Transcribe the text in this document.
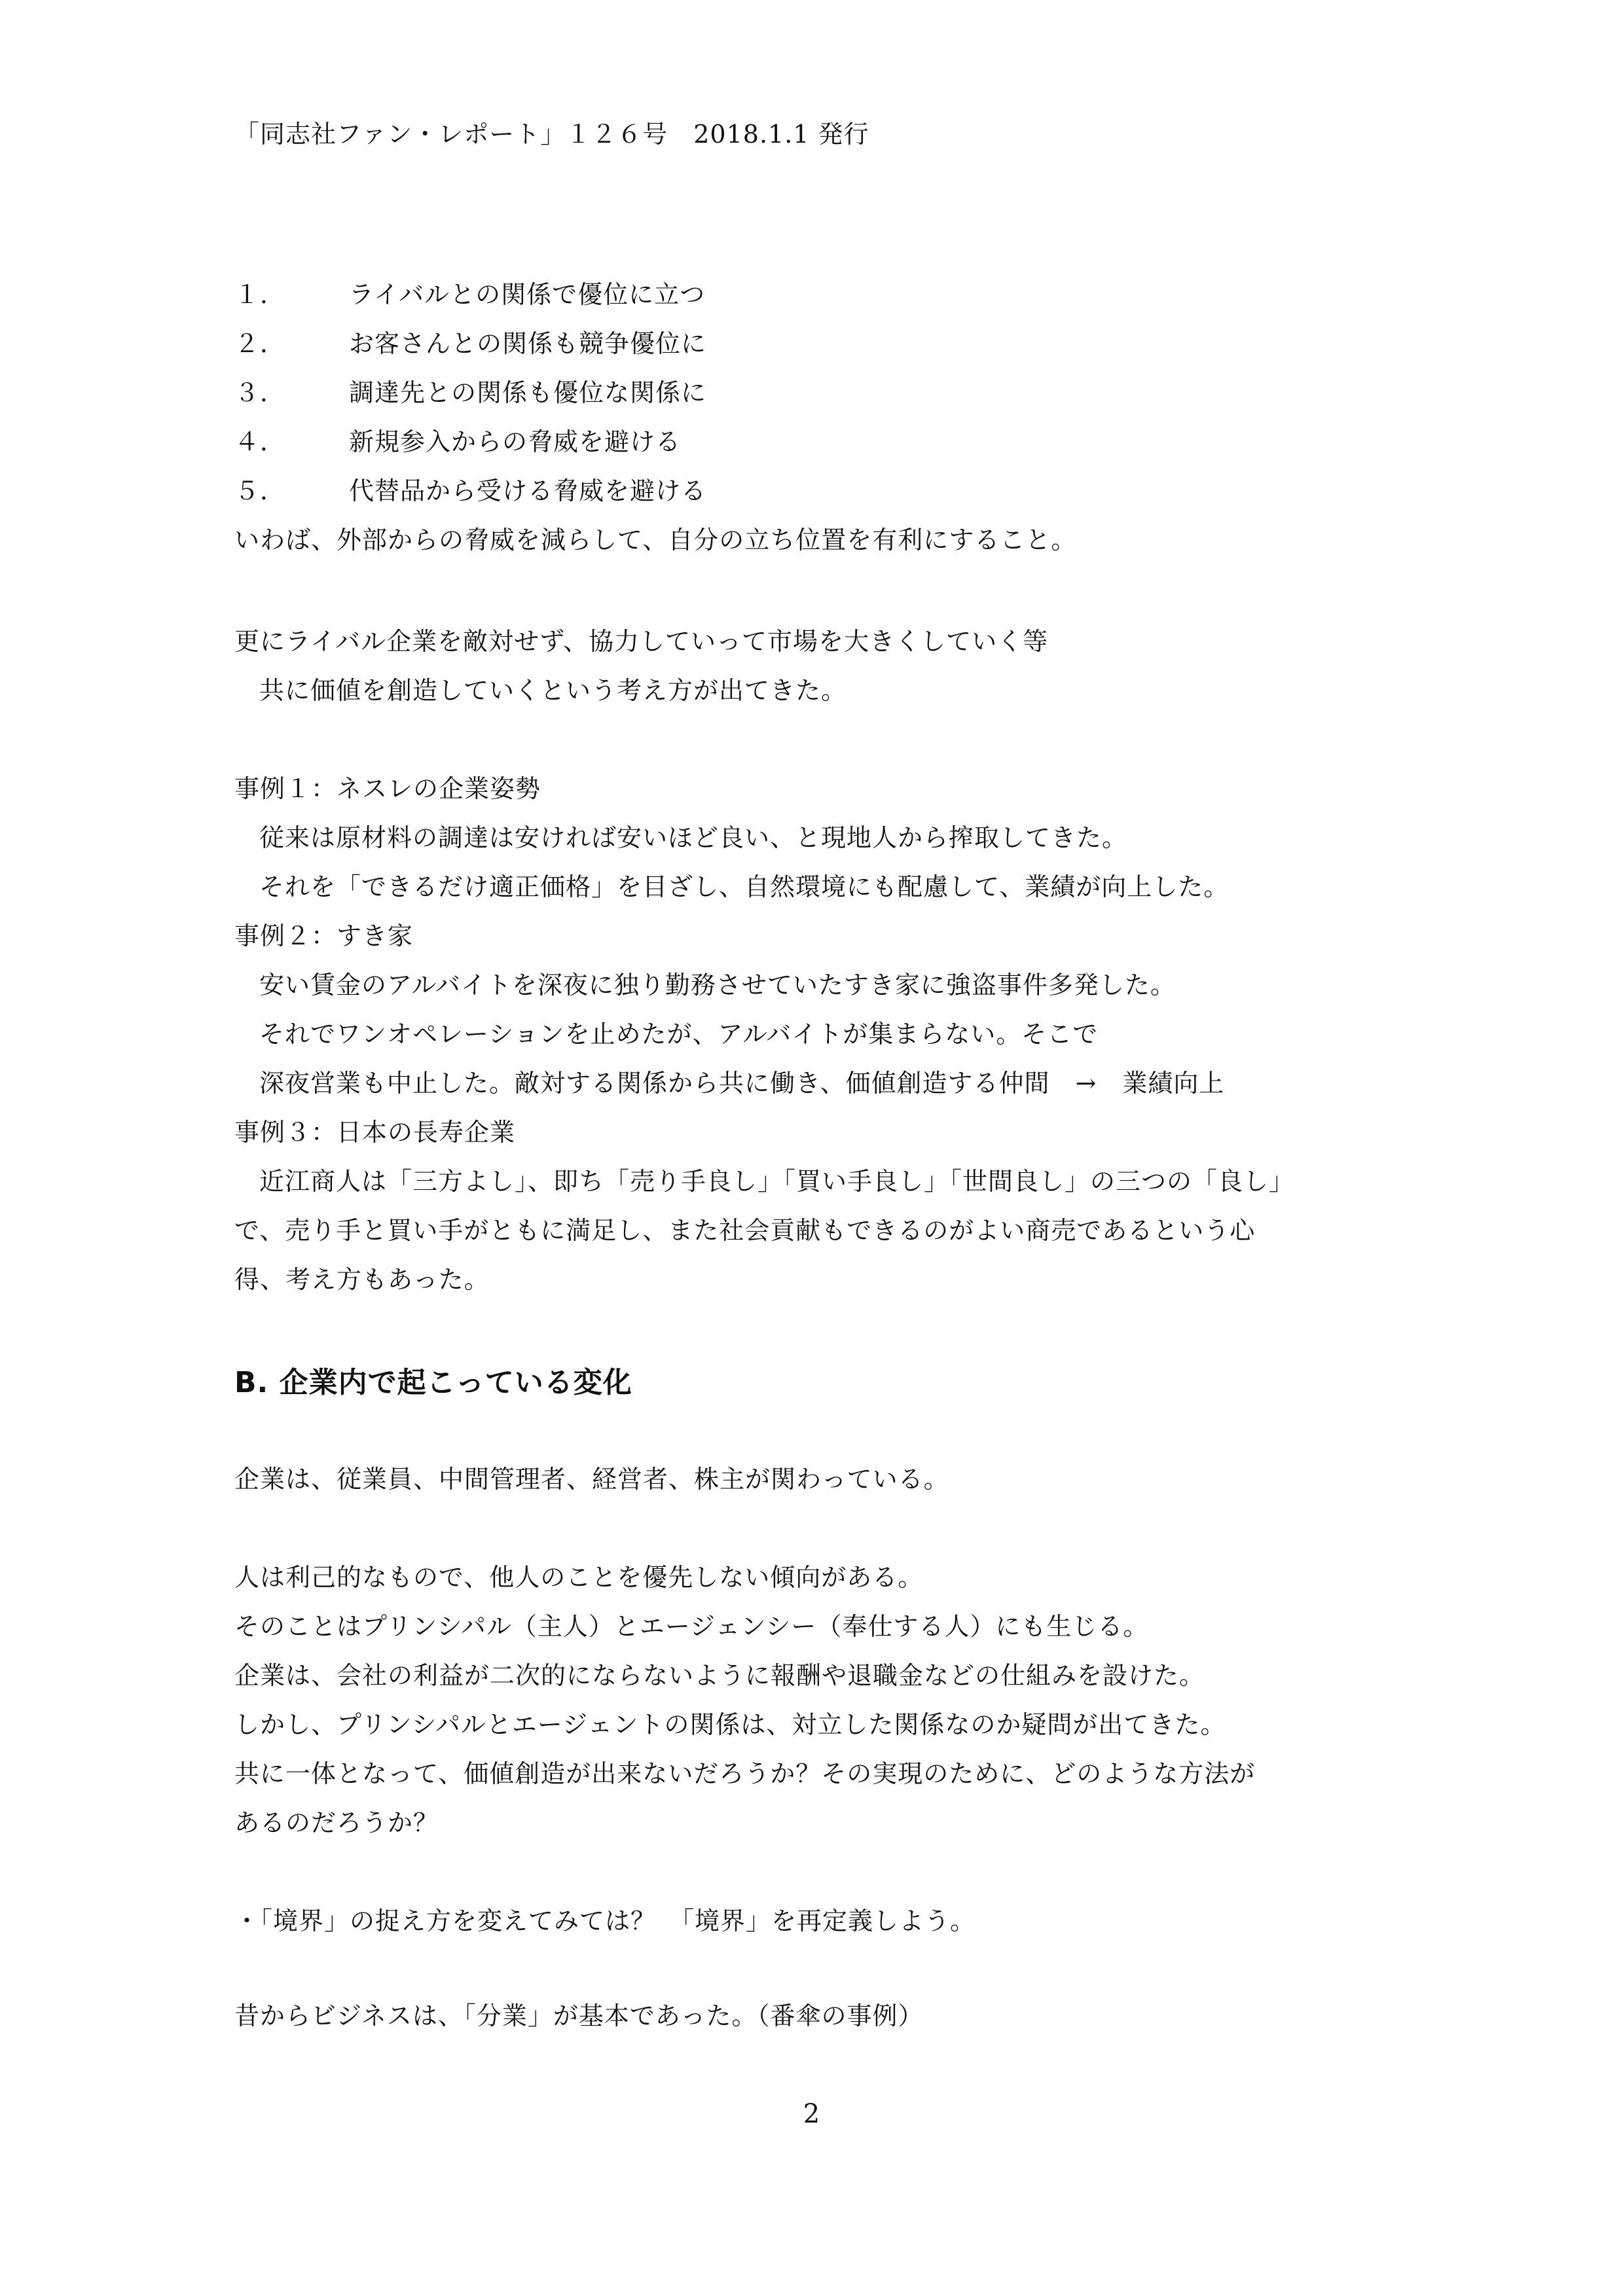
「同志社ファン・レポート」１２６号　2018.1.1 発行
１．	ライバルとの関係で優位に立つ
２．	お客さんとの関係も競争優位に
３．	調達先との関係も優位な関係に
４．	新規参入からの脅威を避ける
５．	代替品から受ける脅威を避ける
いわば、外部からの脅威を減らして、自分の立ち位置を有利にすること。
更にライバル企業を敵対せず、協力していって市場を大きくしていく等
共に価値を創造していくという考え方が出てきた。
事例１：ネスレの企業姿勢
従来は原材料の調達は安ければ安いほど良い、と現地人から搾取してきた。
それを「できるだけ適正価格」を目ざし、自然環境にも配慮して、業績が向上した。
事例２：すき家
安い賃金のアルバイトを深夜に独り勤務させていたすき家に強盗事件多発した。
それでワンオペレーションを止めたが、アルバイトが集まらない。そこで
深夜営業も中止した。敵対する関係から共に働き、価値創造する仲間　→　業績向上
事例３：日本の長寿企業
近江商人は「三方よし」、即ち「売り手良し」「買い手良し」「世間良し」の三つの「良し」
で、売り手と買い手がともに満足し、また社会貢献もできるのがよい商売であるという心
得、考え方もあった。
B. 企業内で起こっている変化
企業は、従業員、中間管理者、経営者、株主が関わっている。
人は利己的なもので、他人のことを優先しない傾向がある。
そのことはプリンシパル（主人）とエージェンシー（奉仕する人）にも生じる。
企業は、会社の利益が二次的にならないように報酬や退職金などの仕組みを設けた。
しかし、プリンシパルとエージェントの関係は、対立した関係なのか疑問が出てきた。
共に一体となって、価値創造が出来ないだろうか？その実現のために、どのような方法が
あるのだろうか？
・「境界」の捉え方を変えてみては？　「境界」を再定義しよう。
昔からビジネスは、「分業」が基本であった。（番傘の事例）
2
